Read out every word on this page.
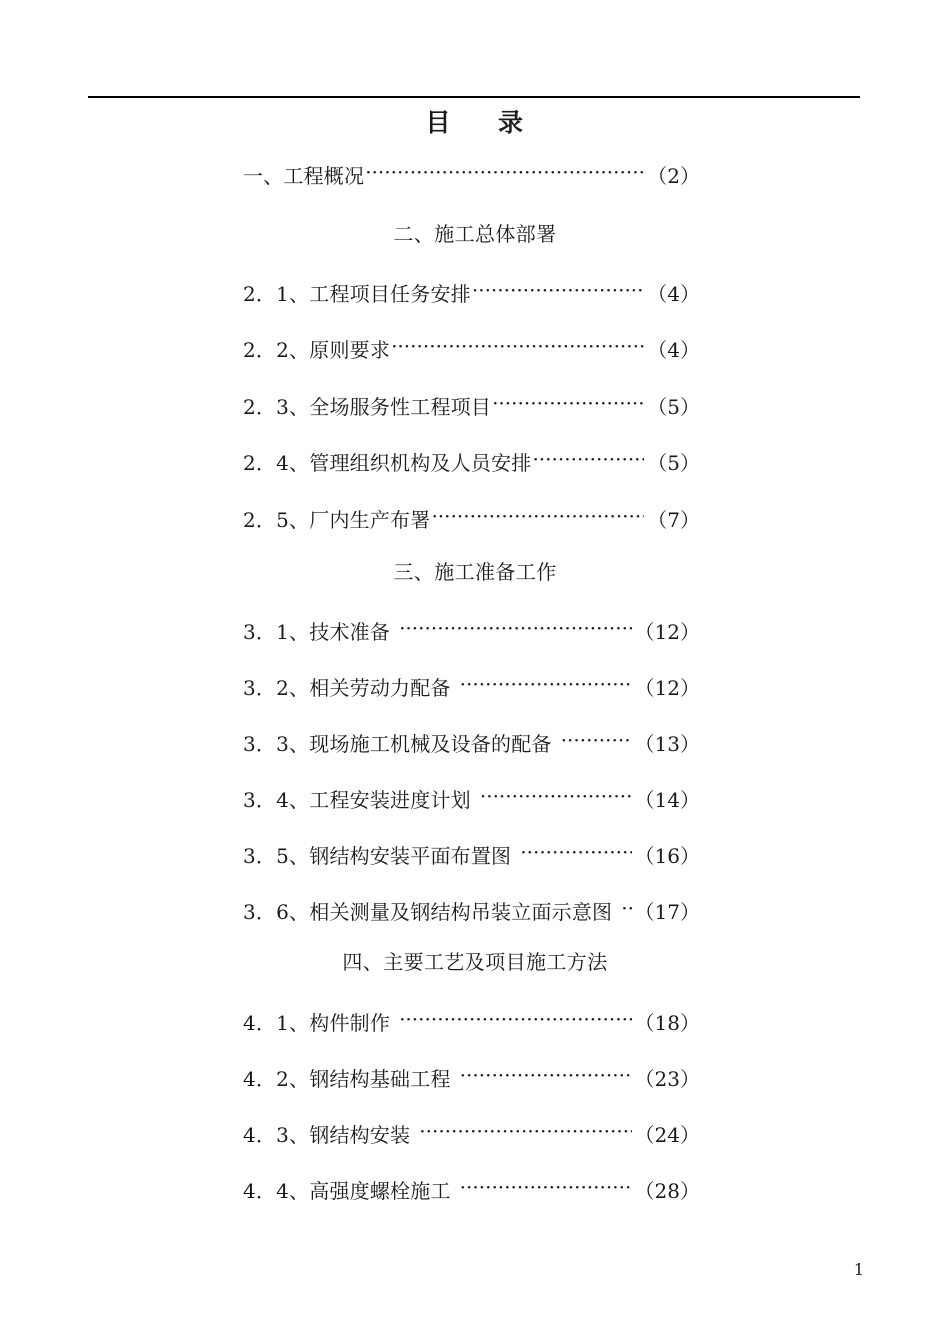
目 录
一、工程概况 ·····	（2）
二、施工总体部署
2．1、工程项目任务安排 ·····	（4）
2．2、原则要求 ·····	（4）
2．3、全场服务性工程项目 ·····	（5）
2．4、管理组织机构及人员安排 ·····	（5）
2．5、厂内生产布署 ·····	（7）
三、施工准备工作
3．1、技术准备 ·····	（12）
3．2、相关劳动力配备 ·····	（12）
3．3、现场施工机械及设备的配备 ·····	（13）
3．4、工程安装进度计划 ·····	（14）
3．5、钢结构安装平面布置图 ·····	（16）
3．6、相关测量及钢结构吊装立面示意图 ····· （17）
四、主要工艺及项目施工方法
4．1、构件制作 ·····	（18）
4．2、钢结构基础工程 ·····	（23）
4．3、钢结构安装 ·····	（24）
4．4、高强度螺栓施工 ·····	（28）
1
